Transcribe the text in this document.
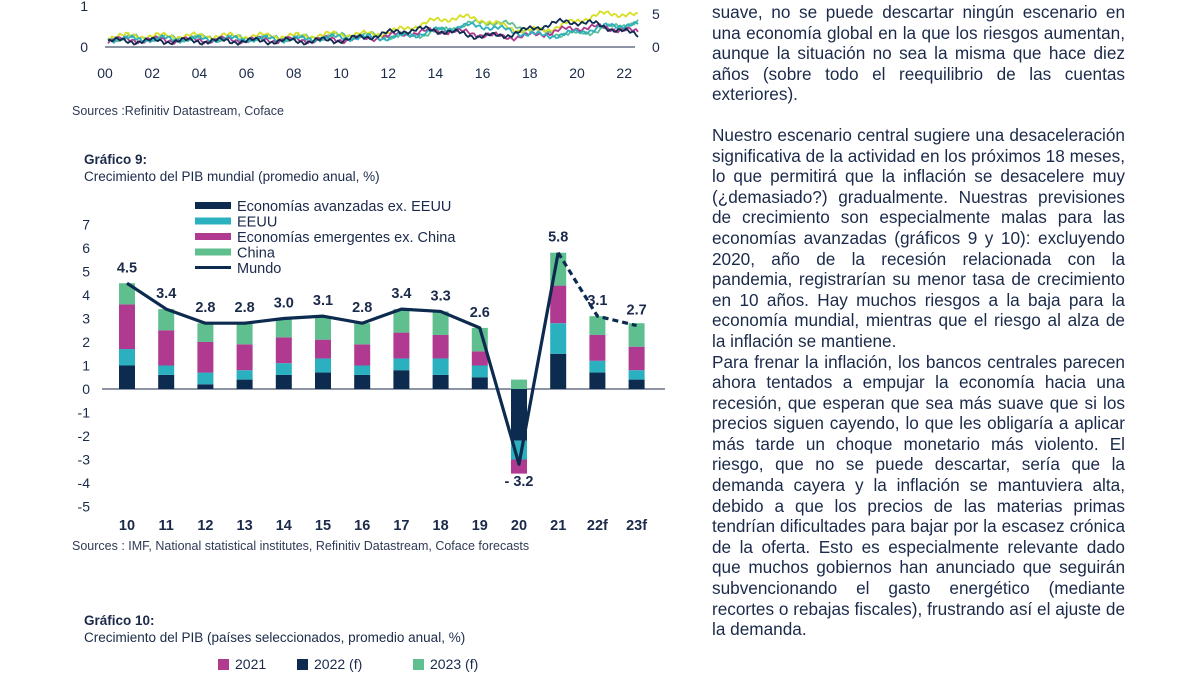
1
0
5
0
00 02 04 06 08 10 12 14 16 18 20 22
Sources :Refinitiv Datastream, Coface
Gráfico 9:
Crecimiento del PIB mundial (promedio anual, %)
7
6
5
4
3
2
1
0
-1
-2
-3
-4
-5
4.5
3.4
2.8 2.8 3.0 3.1 2.8
3.4 3.3
2.6
- 3.2
5.8
3.1
2.7
10 11 12 13 14 15 16 17 18 19 20 21 22f 23f
Economías avanzadas ex. EEUU
EEUU
Economías emergentes ex. China
China
Mundo
Sources : IMF, National statistical institutes, Refinitiv Datastream, Coface forecasts
Gráfico 10:
Crecimiento del PIB (países seleccionados, promedio anual, %)
2021	2022 (f)	2023 (f)

suave, no se puede descartar ningún escenario en una economía global en la que los riesgos aumentan, aunque la situación no sea la misma que hace diez años (sobre todo el reequilibrio de las cuentas exteriores).

Nuestro escenario central sugiere una desaceleración significativa de la actividad en los próximos 18 meses, lo que permitirá que la inflación se desacelere muy (¿demasiado?) gradualmente. Nuestras previsiones de crecimiento son especialmente malas para las economías avanzadas (gráficos 9 y 10): excluyendo 2020, año de la recesión relacionada con la pandemia, registrarían su menor tasa de crecimiento en 10 años. Hay muchos riesgos a la baja para la economía mundial, mientras que el riesgo al alza de la inflación se mantiene.

Para frenar la inflación, los bancos centrales parecen ahora tentados a empujar la economía hacia una recesión, que esperan que sea más suave que si los precios siguen cayendo, lo que les obligaría a aplicar más tarde un choque monetario más violento. El riesgo, que no se puede descartar, sería que la demanda cayera y la inflación se mantuviera alta, debido a que los precios de las materias primas tendrían dificultades para bajar por la escasez crónica de la oferta. Esto es especialmente relevante dado que muchos gobiernos han anunciado que seguirán subvencionando el gasto energético (mediante recortes o rebajas fiscales), frustrando así el ajuste de la demanda.
